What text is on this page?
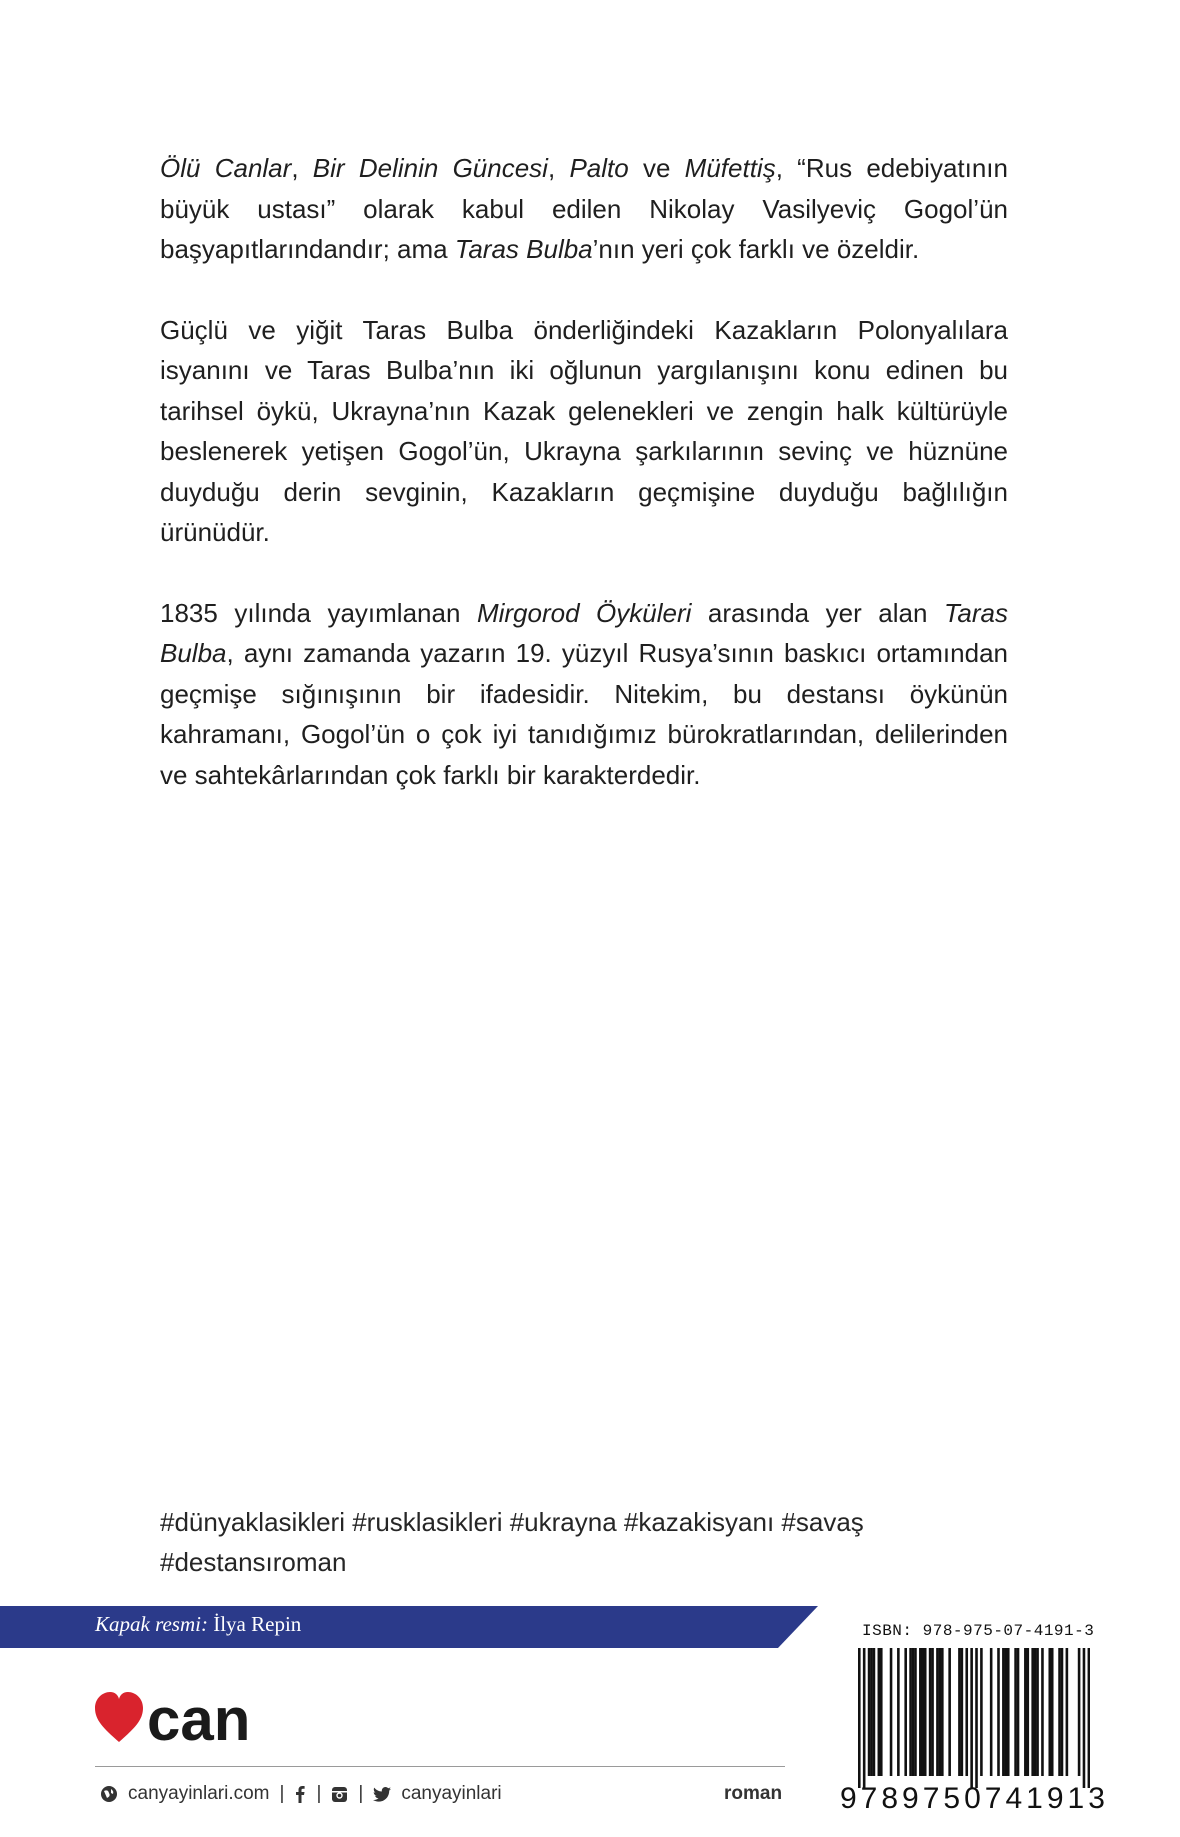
Ölü Canlar, Bir Delinin Güncesi, Palto ve Müfettiş, “Rus edebiyatının büyük ustası” olarak kabul edilen Nikolay Vasilyeviç Gogol’ün başyapıtlarındandır; ama Taras Bulba’nın yeri çok farklı ve özeldir.

Güçlü ve yiğit Taras Bulba önderliğindeki Kazakların Polonyalılara isyanını ve Taras Bulba’nın iki oğlunun yargılanışını konu edinen bu tarihsel öykü, Ukrayna’nın Kazak gelenekleri ve zengin halk kültürüyle beslenerek yetişen Gogol’ün, Ukrayna şarkılarının sevinç ve hüznüne duyduğu derin sevginin, Kazakların geçmişine duyduğu bağlılığın ürünüdür.

1835 yılında yayımlanan Mirgorod Öyküleri arasında yer alan Taras Bulba, aynı zamanda yazarın 19. yüzyıl Rusya’sının baskıcı ortamından geçmişe sığınışının bir ifadesidir. Nitekim, bu destansı öykünün kahramanı, Gogol’ün o çok iyi tanıdığımız bürokratlarından, delilerinden ve sahtekârlarından çok farklı bir karakterdedir.

#dünyaklasikleri #rusklasikleri #ukrayna #kazakisyanı #savaş #destansıroman
Kapak resmi: İlya Repin
can
canyayinlari.com | | | canyayinlari	roman
ISBN: 978-975-07-4191-3
9789750741913
